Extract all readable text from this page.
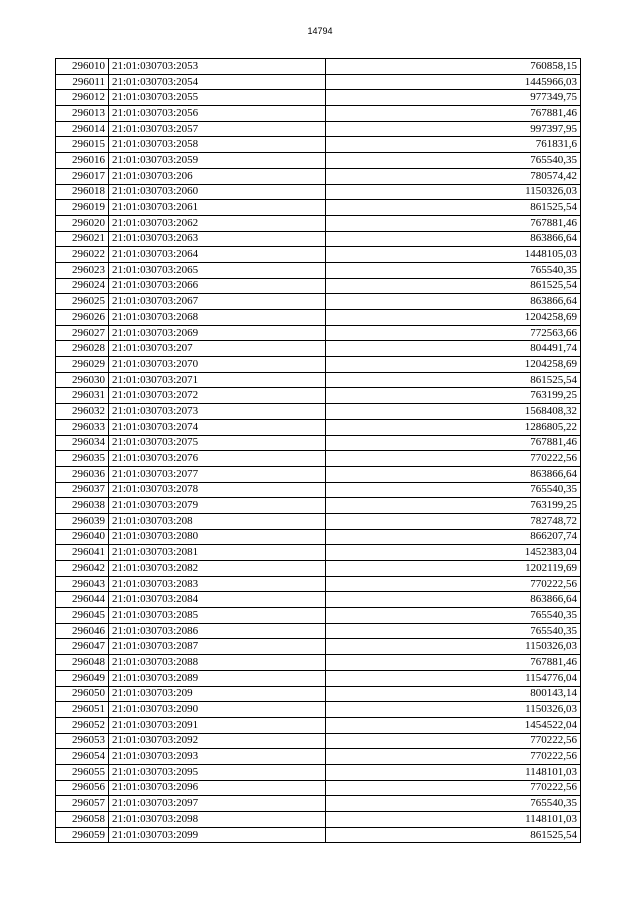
14794
296010	21:01:030703:2053	760858,15
296011	21:01:030703:2054	1445966,03
296012	21:01:030703:2055	977349,75
296013	21:01:030703:2056	767881,46
296014	21:01:030703:2057	997397,95
296015	21:01:030703:2058	761831,6
296016	21:01:030703:2059	765540,35
296017	21:01:030703:206	780574,42
296018	21:01:030703:2060	1150326,03
296019	21:01:030703:2061	861525,54
296020	21:01:030703:2062	767881,46
296021	21:01:030703:2063	863866,64
296022	21:01:030703:2064	1448105,03
296023	21:01:030703:2065	765540,35
296024	21:01:030703:2066	861525,54
296025	21:01:030703:2067	863866,64
296026	21:01:030703:2068	1204258,69
296027	21:01:030703:2069	772563,66
296028	21:01:030703:207	804491,74
296029	21:01:030703:2070	1204258,69
296030	21:01:030703:2071	861525,54
296031	21:01:030703:2072	763199,25
296032	21:01:030703:2073	1568408,32
296033	21:01:030703:2074	1286805,22
296034	21:01:030703:2075	767881,46
296035	21:01:030703:2076	770222,56
296036	21:01:030703:2077	863866,64
296037	21:01:030703:2078	765540,35
296038	21:01:030703:2079	763199,25
296039	21:01:030703:208	782748,72
296040	21:01:030703:2080	866207,74
296041	21:01:030703:2081	1452383,04
296042	21:01:030703:2082	1202119,69
296043	21:01:030703:2083	770222,56
296044	21:01:030703:2084	863866,64
296045	21:01:030703:2085	765540,35
296046	21:01:030703:2086	765540,35
296047	21:01:030703:2087	1150326,03
296048	21:01:030703:2088	767881,46
296049	21:01:030703:2089	1154776,04
296050	21:01:030703:209	800143,14
296051	21:01:030703:2090	1150326,03
296052	21:01:030703:2091	1454522,04
296053	21:01:030703:2092	770222,56
296054	21:01:030703:2093	770222,56
296055	21:01:030703:2095	1148101,03
296056	21:01:030703:2096	770222,56
296057	21:01:030703:2097	765540,35
296058	21:01:030703:2098	1148101,03
296059	21:01:030703:2099	861525,54
